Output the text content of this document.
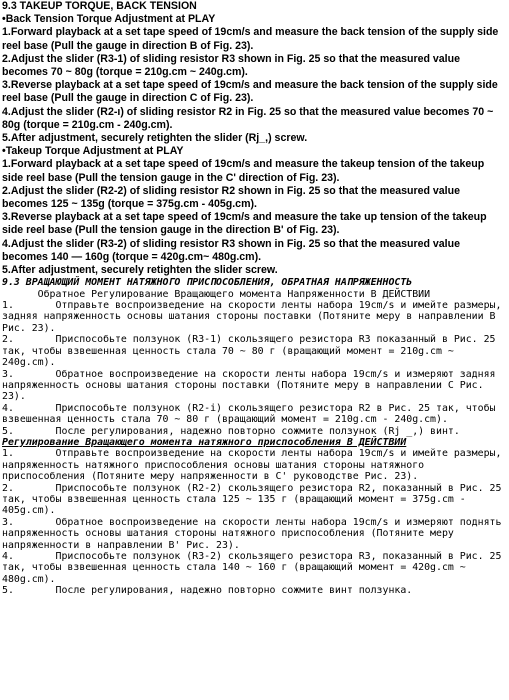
9.3 TAKEUP TORQUE, BACK TENSION

•Back Tension Torque Adjustment at PLAY

1.Forward playback at a set tape speed of 19cm/s and measure the back tension of the supply side reel base (Pull the gauge in direction B of Fig. 23).

2.Adjust the slider (R3-1) of sliding resistor R3 shown in Fig. 25 so that the measured value becomes 70 ~ 80g (torque = 210g.cm ~ 240g.cm).

3.Reverse playback at a set tape speed of 19cm/s and measure the back tension of the supply side reel base (Pull the gauge in direction C of Fig. 23).

4.Adjust the slider (R2-ı) of sliding resistor R2 in Fig. 25 so that the measured value becomes 70 ~ 80g (torque = 210g.cm - 240g.cm).

5.After adjustment, securely retighten the slider (Rj_,) screw.

•Takeup Torque Adjustment at PLAY

1.Forward playback at a set tape speed of 19cm/s and measure the takeup tension of the takeup side reel base (Pull the tension gauge in the C' direction of Fig. 23).

2.Adjust the slider (R2-2) of sliding resistor R2 shown in Fig. 25 so that the measured value becomes 125 ~ 135g (torque = 375g.cm - 405g.cm).

3.Reverse playback at a set tape speed of 19cm/s and measure the take up tension of the takeup side reel base (Pull the tension gauge in the direction B' of Fig. 23).

4.Adjust the slider (R3-2) of sliding resistor R3 shown in Fig. 25 so that the measured value becomes 140 — 160g (torque = 420g.cm~ 480g.cm).

5.After adjustment, securely retighten the slider screw.

9.3 ВРАЩАЮЩИЙ МОМЕНТ НАТЯЖНОГО ПРИСПОСОБЛЕНИЯ, ОБРАТНАЯ НАПРЯЖЕННОСТЬ

Обратное Регулирование Вращающего момента Напряженности В ДЕЙСТВИИ

1.       Отправьте воспроизведение на скорости ленты набора 19cm/s и имейте размеры, задняя напряженность основы шатания стороны поставки (Потяните меру в направлении B Рис. 23).

2.       Приспособьте ползунок (R3-1) скользящего резистора R3 показанный в Рис. 25 так, чтобы взвешенная ценность стала 70 ~ 80 г (вращающий момент = 210g.cm ~ 240g.cm).

3.       Обратное воспроизведение на скорости ленты набора 19cm/s и измеряют задняя напряженность основы шатания стороны поставки (Потяните меру в направлении C Рис. 23).

4.       Приспособьте ползунок (R2-i) скользящего резистора R2 в Рис. 25 так, чтобы взвешенная ценность стала 70 ~ 80 г (вращающий момент = 210g.cm - 240g.cm).

5.       После регулирования, надежно повторно сожмите ползунок (Rj _,) винт.

Регулирование Вращающего момента натяжного приспособления В ДЕЙСТВИИ

1.       Отправьте воспроизведение на скорости ленты набора 19cm/s и имейте размеры, напряженность натяжного приспособления основы шатания стороны натяжного приспособления (Потяните меру напряженности в C' руководстве Рис. 23).

2.       Приспособьте ползунок (R2-2) скользящего резистора R2, показанный в Рис. 25 так, чтобы взвешенная ценность стала 125 ~ 135 г (вращающий момент = 375g.cm - 405g.cm).

3.       Обратное воспроизведение на скорости ленты набора 19cm/s и измеряют поднять напряженность основы шатания стороны натяжного приспособления (Потяните меру напряженности в направлении B' Рис. 23).

4.       Приспособьте ползунок (R3-2) скользящего резистора R3, показанный в Рис. 25 так, чтобы взвешенная ценность стала 140 ~ 160 г (вращающий момент = 420g.cm ~ 480g.cm).

5.       После регулирования, надежно повторно сожмите винт ползунка.
